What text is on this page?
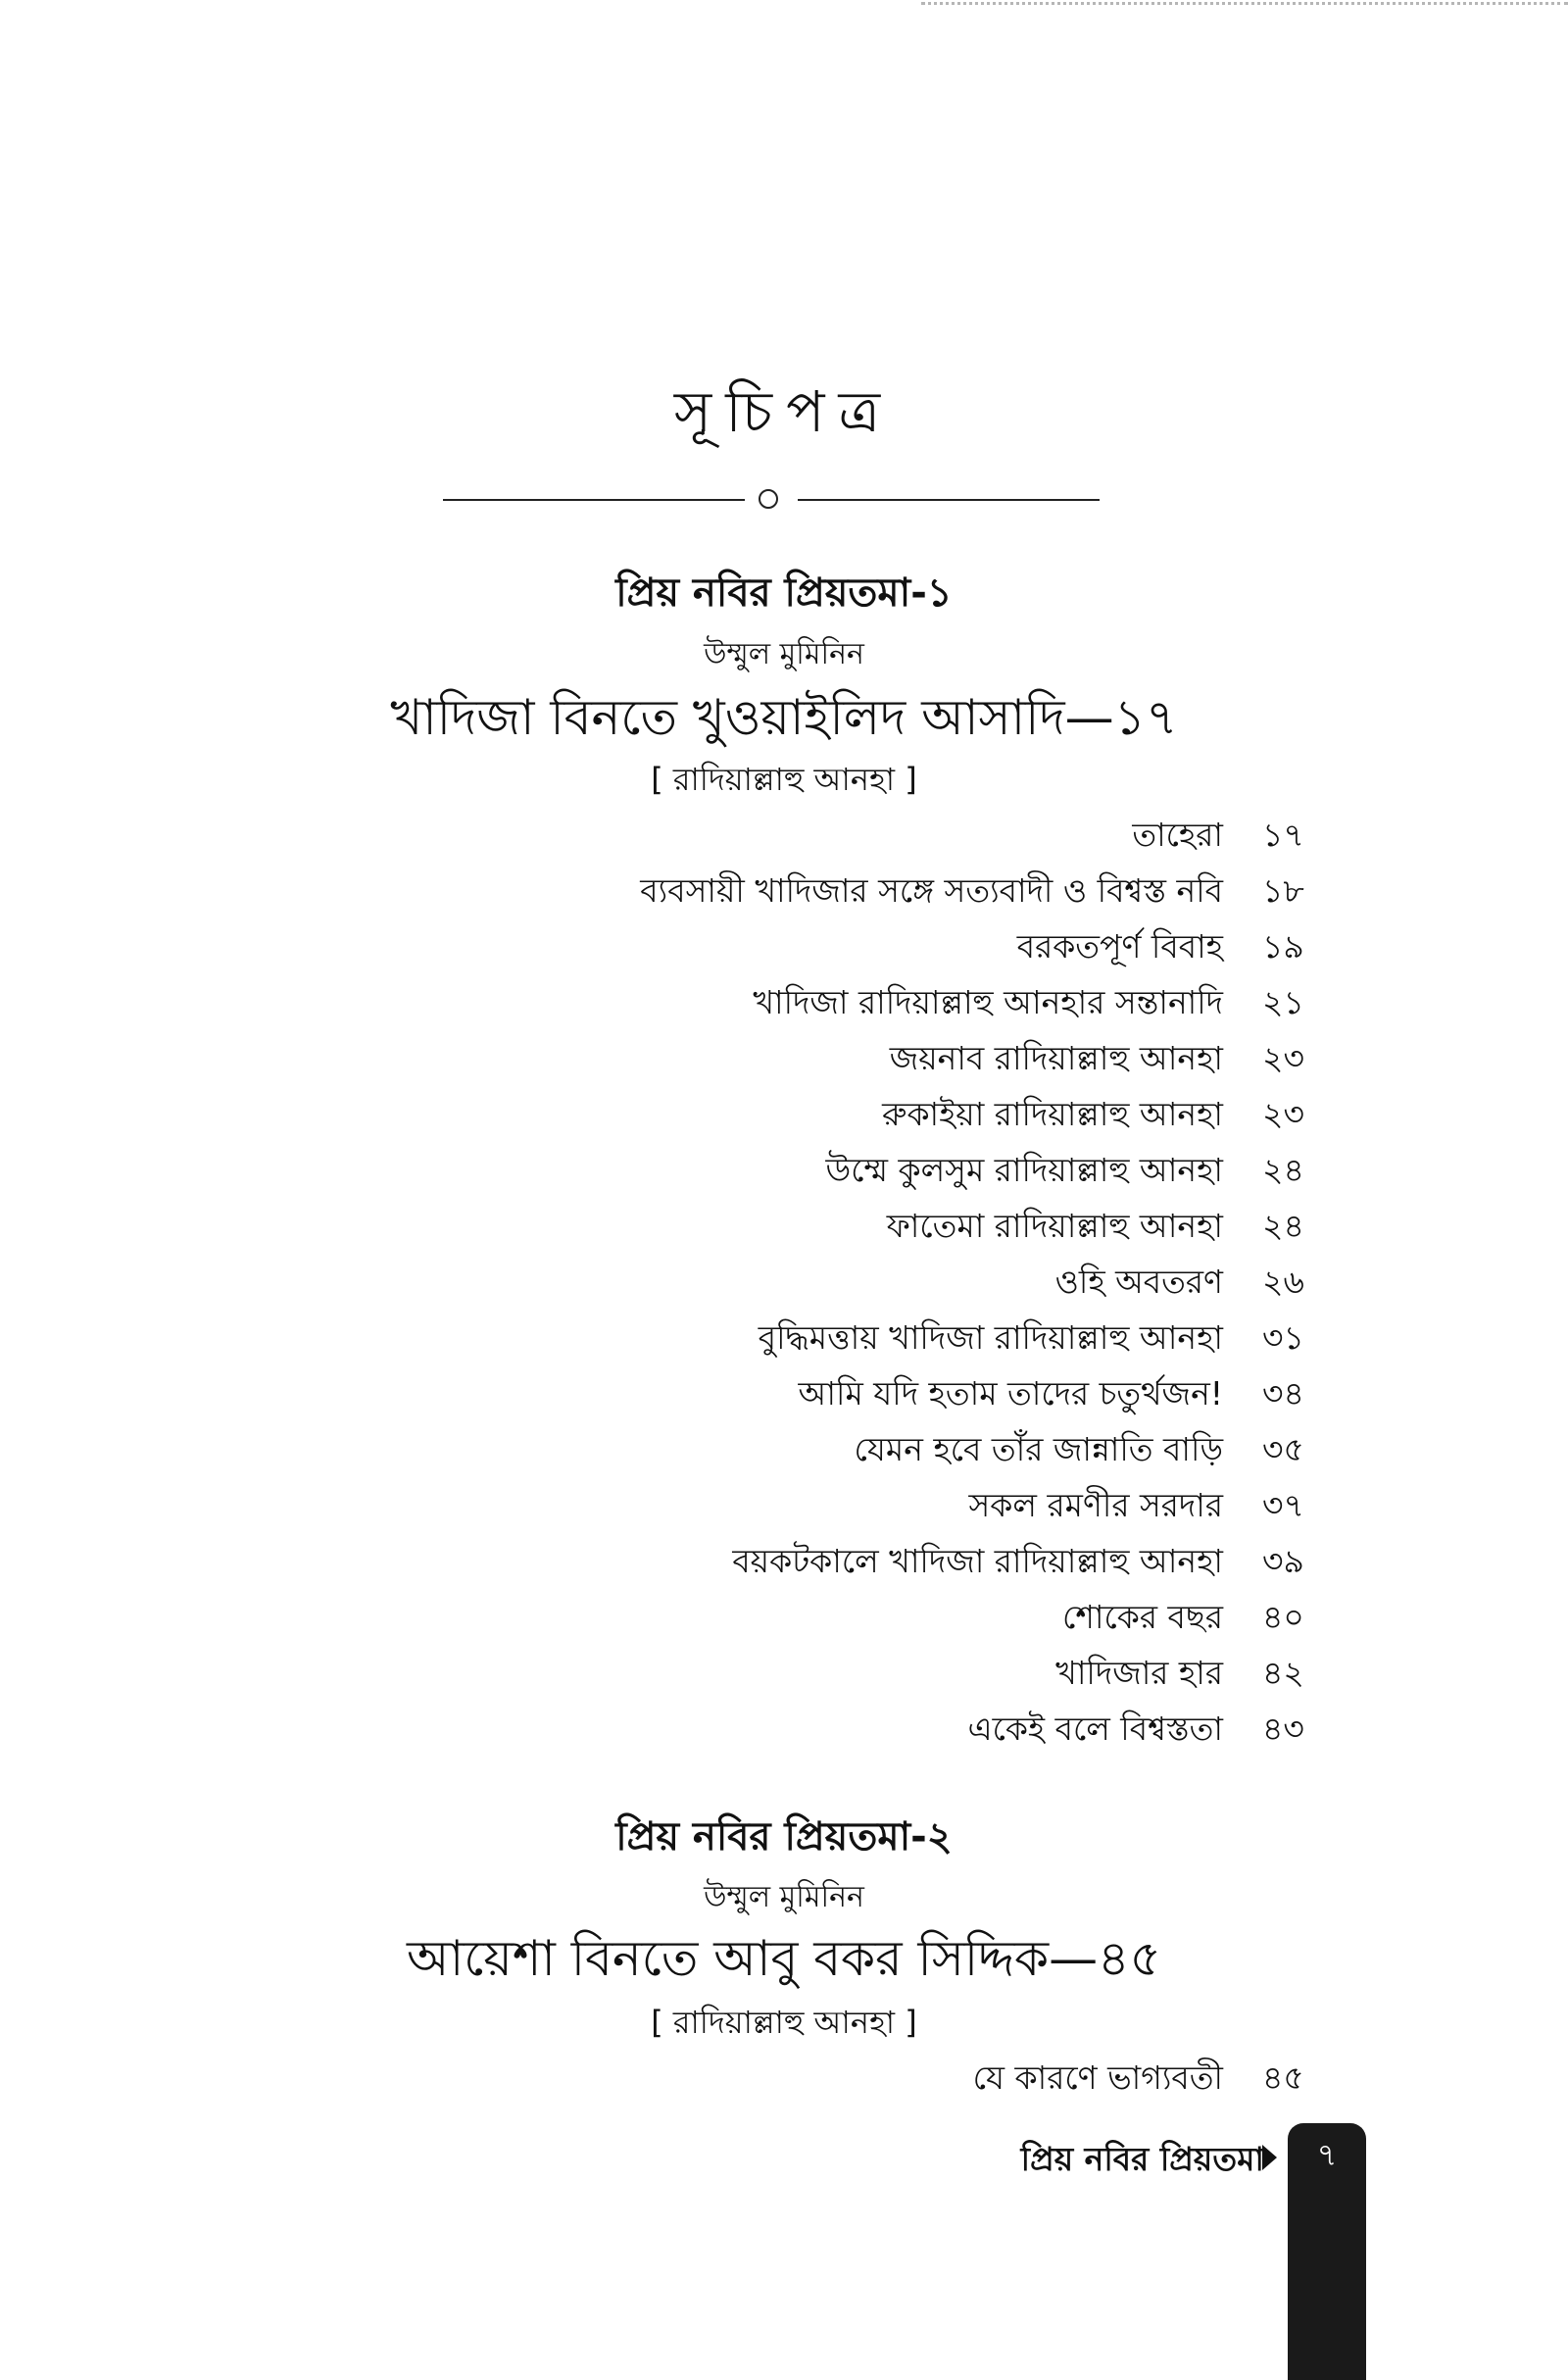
সূচিপত্র
প্রিয় নবির প্রিয়তমা-১
উম্মুল মুমিনিন
খাদিজা বিনতে খুওয়াইলিদ আসাদি—১৭
[ রাদিয়াল্লাহু আনহা ]
তাহেরা ১৭
ব্যবসায়ী খাদিজার সঙ্গে সত্যবাদী ও বিশ্বস্ত নবি ১৮
বরকতপূর্ণ বিবাহ ১৯
খাদিজা রাদিয়াল্লাহু আনহার সন্তানাদি ২১
জয়নাব রাদিয়াল্লাহু আনহা ২৩
রুকাইয়া রাদিয়াল্লাহু আনহা ২৩
উম্মে কুলসুম রাদিয়াল্লাহু আনহা ২৪
ফাতেমা রাদিয়াল্লাহু আনহা ২৪
ওহি অবতরণ ২৬
বুদ্ধিমত্তায় খাদিজা রাদিয়াল্লাহু আনহা ৩১
আমি যদি হতাম তাদের চতুর্থজন! ৩৪
যেমন হবে তাঁর জান্নাতি বাড়ি ৩৫
সকল রমণীর সরদার ৩৭
বয়কটকালে খাদিজা রাদিয়াল্লাহু আনহা ৩৯
শোকের বছর ৪০
খাদিজার হার ৪২
একেই বলে বিশ্বস্ততা ৪৩
প্রিয় নবির প্রিয়তমা-২
উম্মুল মুমিনিন
আয়েশা বিনতে আবু বকর সিদ্দিক—৪৫
[ রাদিয়াল্লাহু আনহা ]
যে কারণে ভাগ্যবতী ৪৫
প্রিয় নবির প্রিয়তমা	৭
